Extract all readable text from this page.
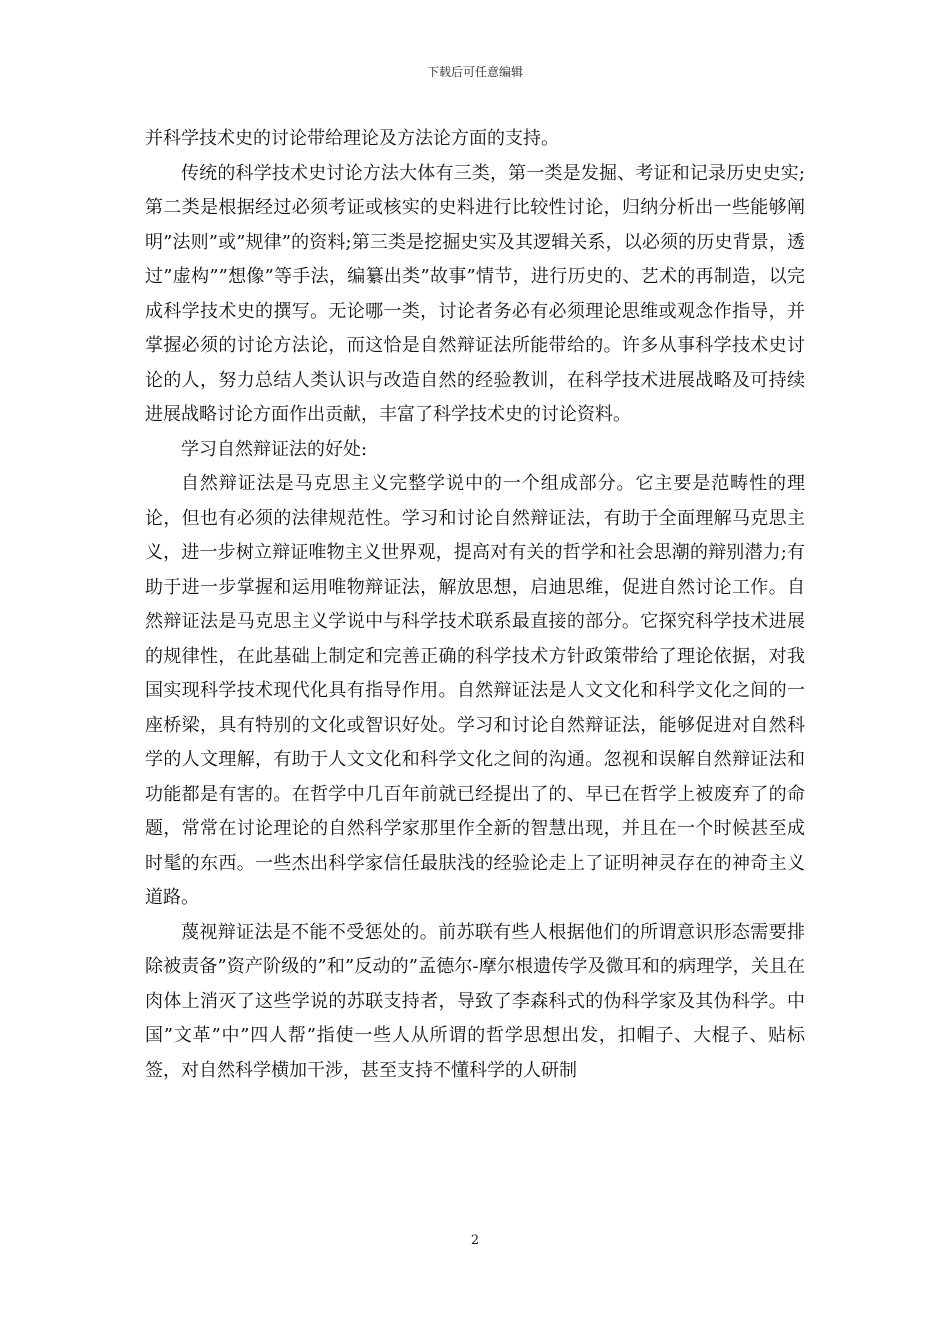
下载后可任意编辑

并科学技术史的讨论带给理论及方法论方面的支持。

传统的科学技术史讨论方法大体有三类，第一类是发掘、考证和记录历史史实;第二类是根据经过必须考证或核实的史料进行比较性讨论，归纳分析出一些能够阐明”法则”或”规律”的资料;第三类是挖掘史实及其逻辑关系，以必须的历史背景，透过”虚构””想像”等手法，编纂出类”故事”情节，进行历史的、艺术的再制造，以完成科学技术史的撰写。无论哪一类，讨论者务必有必须理论思维或观念作指导，并掌握必须的讨论方法论，而这恰是自然辩证法所能带给的。许多从事科学技术史讨论的人，努力总结人类认识与改造自然的经验教训，在科学技术进展战略及可持续进展战略讨论方面作出贡献，丰富了科学技术史的讨论资料。

学习自然辩证法的好处:

自然辩证法是马克思主义完整学说中的一个组成部分。它主要是范畴性的理论，但也有必须的法律规范性。学习和讨论自然辩证法，有助于全面理解马克思主义，进一步树立辩证唯物主义世界观，提高对有关的哲学和社会思潮的辩别潜力;有助于进一步掌握和运用唯物辩证法，解放思想，启迪思维，促进自然讨论工作。自然辩证法是马克思主义学说中与科学技术联系最直接的部分。它探究科学技术进展的规律性，在此基础上制定和完善正确的科学技术方针政策带给了理论依据，对我国实现科学技术现代化具有指导作用。自然辩证法是人文文化和科学文化之间的一座桥梁，具有特别的文化或智识好处。学习和讨论自然辩证法，能够促进对自然科学的人文理解，有助于人文文化和科学文化之间的沟通。忽视和误解自然辩证法和功能都是有害的。在哲学中几百年前就已经提出了的、早已在哲学上被废弃了的命题，常常在讨论理论的自然科学家那里作全新的智慧出现，并且在一个时候甚至成时髦的东西。一些杰出科学家信任最肤浅的经验论走上了证明神灵存在的神奇主义道路。

蔑视辩证法是不能不受惩处的。前苏联有些人根据他们的所谓意识形态需要排除被责备”资产阶级的”和”反动的”孟德尔-摩尔根遗传学及微耳和的病理学，关且在肉体上消灭了这些学说的苏联支持者，导致了李森科式的伪科学家及其伪科学。中国”文革”中”四人帮”指使一些人从所谓的哲学思想出发，扣帽子、大棍子、贴标签，对自然科学横加干涉，甚至支持不懂科学的人研制

2
